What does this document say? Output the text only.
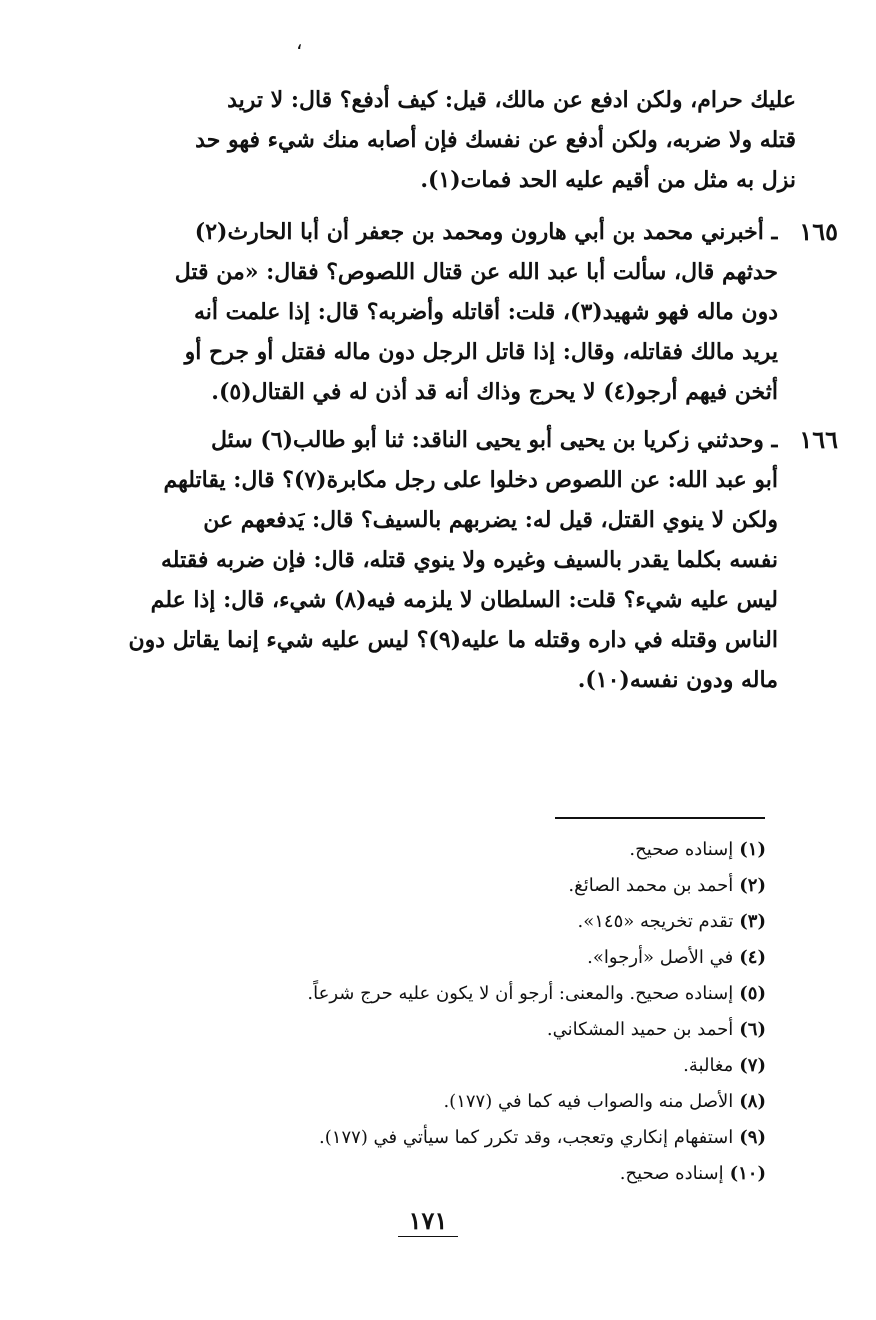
،
عليك حرام، ولكن ادفع عن مالك، قيل: كيف أدفع؟ قال: لا تريد
قتله ولا ضربه، ولكن أدفع عن نفسك فإن أصابه منك شيء فهو حد
نزل به مثل من أقيم عليه الحد فمات(١).
١٦٥
ـ أخبرني محمد بن أبي هارون ومحمد بن جعفر أن أبا الحارث(٢)
حدثهم قال، سألت أبا عبد الله عن قتال اللصوص؟ فقال: «من قتل
دون ماله فهو شهيد(٣)، قلت: أقاتله وأضربه؟ قال: إذا علمت أنه
يريد مالك فقاتله، وقال: إذا قاتل الرجل دون ماله فقتل أو جرح أو
أثخن فيهم أرجو(٤) لا يحرج وذاك أنه قد أذن له في القتال(٥).
١٦٦
ـ وحدثني زكريا بن يحيى أبو يحيى الناقد: ثنا أبو طالب(٦) سئل
أبو عبد الله: عن اللصوص دخلوا على رجل مكابرة(٧)؟ قال: يقاتلهم
ولكن لا ينوي القتل، قيل له: يضربهم بالسيف؟ قال: يَدفعهم عن
نفسه بكلما يقدر بالسيف وغيره ولا ينوي قتله، قال: فإن ضربه فقتله
ليس عليه شيء؟ قلت: السلطان لا يلزمه فيه(٨) شيء، قال: إذا علم
الناس وقتله في داره وقتله ما عليه(٩)؟ ليس عليه شيء إنما يقاتل دون
ماله ودون نفسه(١٠).
(١)إسناده صحيح.
(٢)أحمد بن محمد الصائغ.
(٣)تقدم تخريجه «١٤٥».
(٤)في الأصل «أرجوا».
(٥)إسناده صحيح. والمعنى: أرجو أن لا يكون عليه حرج شرعاً.
(٦)أحمد بن حميد المشكاني.
(٧)مغالبة.
(٨)الأصل منه والصواب فيه كما في (١٧٧).
(٩)استفهام إنكاري وتعجب، وقد تكرر كما سيأتي في (١٧٧).
(١٠)إسناده صحيح.
١٧١
